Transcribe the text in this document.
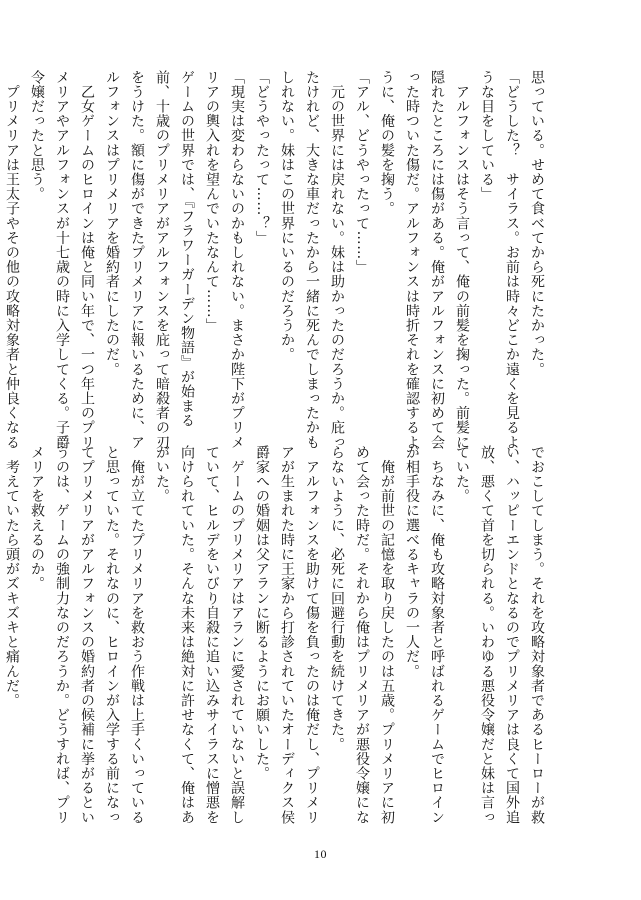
思っている。せめて食べてから死にたかった。

「どうした？　サイラス。お前は時々どこか遠くを見るよ

うな目をしている」

　アルフォンスはそう言って、俺の前髪を掬った。前髪に

隠れたところには傷がある。俺がアルフォンスに初めて会

った時ついた傷だ。アルフォンスは時折それを確認するよ

うに、俺の髪を掬う。

「アル、どうやったって……」

　元の世界には戻れない。妹は助かったのだろうか。庇っ

たけれど、大きな車だったから一緒に死んでしまったかも

しれない。妹はこの世界にいるのだろうか。

「どうやったって……？」

「現実は変わらないのかもしれない。まさか陛下がプリメ

リアの輿入れを望んでいたなんて……」

ゲームの世界では、『フラワーガーデン物語』が始まる

前、十歳のプリメリアがアルフォンスを庇って暗殺者の刃

をうけた。額に傷ができたプリメリアに報いるために、ア

ルフォンスはプリメリアを婚約者にしたのだ。

　乙女ゲームのヒロインは俺と同い年で、一つ年上のプリ

メリアやアルフォンスが十七歳の時に入学してくる。子爵

令嬢だったと思う。

　プリメリアは王太子やその他の攻略対象者と仲良くなる

でおこしてしまう。それを攻略対象者であるヒーローが救

い、ハッピーエンドとなるのでプリメリアは良くて国外追

放、悪くて首を切られる。いわゆる悪役令嬢だと妹は言っ

ていた。

　ちなみに、俺も攻略対象者と呼ばれるゲームでヒロイン

が相手役に選べるキャラの一人だ。

　俺が前世の記憶を取り戻したのは五歳。プリメリアに初

めて会った時だ。それから俺はプリメリアが悪役令嬢にな

らないように、必死に回避行動を続けてきた。

　アルフォンスを助けて傷を負ったのは俺だし、プリメリ

アが生まれた時に王家から打診されていたオーディクス侯

爵家への婚姻は父アランに断るようにお願いした。

　ゲームのプリメリアはアランに愛されていないと誤解し

ていて、ヒルデをいびり自殺に追い込みサイラスに憎悪を

向けられていた。そんな未来は絶対に許せなくて、俺はあ

がいた。

　俺が立てたプリメリアを救おう作戦は上手くいっている

と思っていた。それなのに、ヒロインが入学する前になっ

てプリメリアがアルフォンスの婚約者の候補に挙がるとい

うのは、ゲームの強制力なのだろうか。どうすれば、プリ

メリアを救えるのか。

　考えていたら頭がズキズキと痛んだ。

10
